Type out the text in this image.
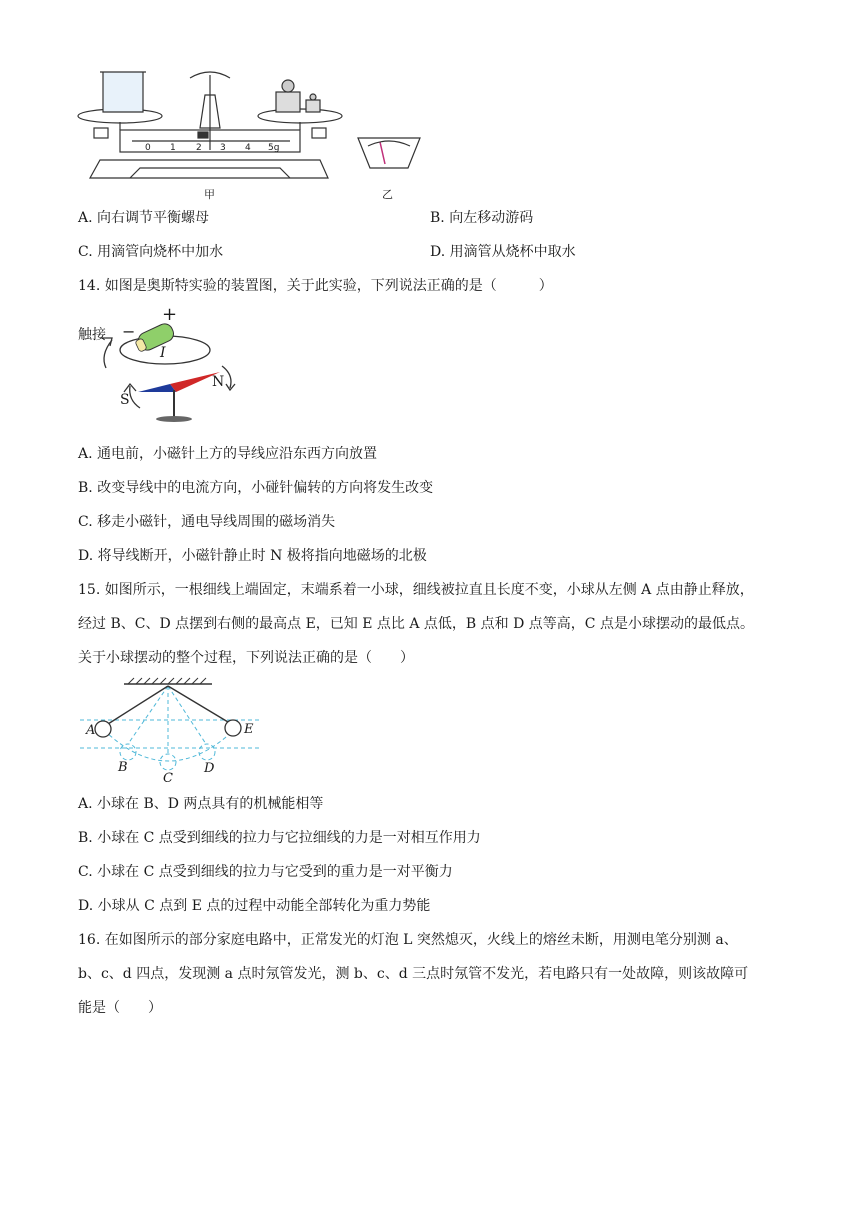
0 1 2 3 4 5g
甲	乙
A. 向右调节平衡螺母	B. 向左移动游码
C. 用滴管向烧杯中加水	D. 用滴管从烧杯中取水
14. 如图是奥斯特实验的装置图，关于此实验，下列说法正确的是（　　　）
触接 −
+
I
N
S
A. 通电前，小磁针上方的导线应沿东西方向放置
B. 改变导线中的电流方向，小碰针偏转的方向将发生改变
C. 移走小磁针，通电导线周围的磁场消失
D. 将导线断开，小磁针静止时 N 极将指向地磁场的北极
15. 如图所示，一根细线上端固定，末端系着一小球，细线被拉直且长度不变，小球从左侧 A 点由静止释放，
经过 B、C、D 点摆到右侧的最高点 E，已知 E 点比 A 点低，B 点和 D 点等高，C 点是小球摆动的最低点。
关于小球摆动的整个过程，下列说法正确的是（　　）
A	E
B
C
D
A. 小球在 B、D 两点具有的机械能相等
B. 小球在 C 点受到细线的拉力与它拉细线的力是一对相互作用力
C. 小球在 C 点受到细线的拉力与它受到的重力是一对平衡力
D. 小球从 C 点到 E 点的过程中动能全部转化为重力势能
16. 在如图所示的部分家庭电路中，正常发光的灯泡 L 突然熄灭，火线上的熔丝未断，用测电笔分别测 a、
b、c、d 四点，发现测 a 点时氖管发光，测 b、c、d 三点时氖管不发光，若电路只有一处故障，则该故障可
能是（　　）
